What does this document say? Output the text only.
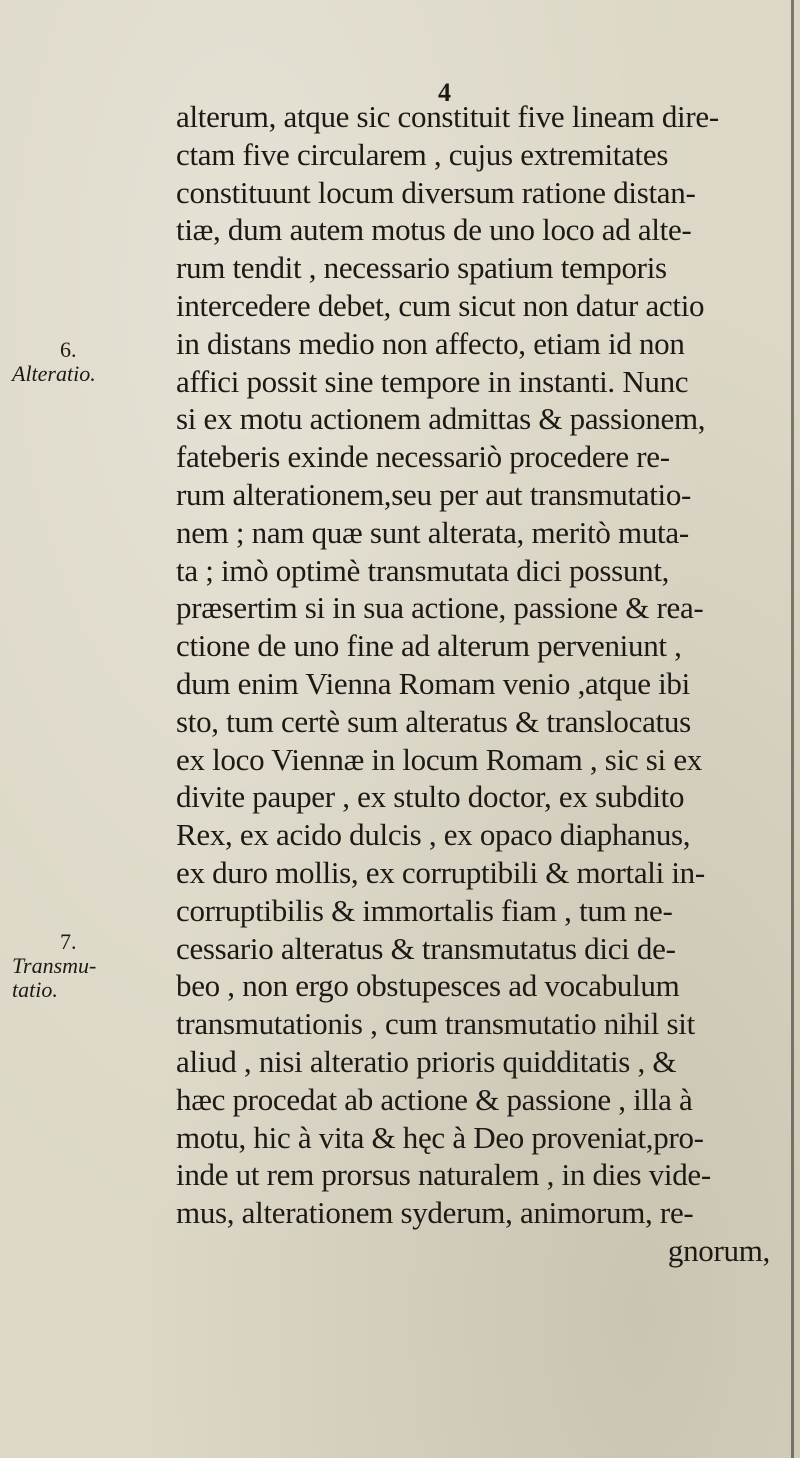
4
6.
Alteratio.
7.
Transmu-
tatio.
alterum, atque sic constituit five lineam dire-
ctam five circularem , cujus extremitates
constituunt locum diversum ratione distan-
tiæ, dum autem motus de uno loco ad alte-
rum tendit , necessario spatium temporis
intercedere debet, cum sicut non datur actio
in distans medio non affecto, etiam id non
affici possit sine tempore in instanti. Nunc
si ex motu actionem admittas & passionem,
fateberis exinde necessariò procedere re-
rum alterationem,seu per aut transmutatio-
nem ; nam quæ sunt alterata, meritò muta-
ta ; imò optimè transmutata dici possunt,
præsertim si in sua actione, passione & rea-
ctione de uno fine ad alterum perveniunt ,
dum enim Vienna Romam venio ,atque ibi
sto, tum certè sum alteratus & translocatus
ex loco Viennæ in locum Romam , sic si ex
divite pauper , ex stulto doctor, ex subdito
Rex, ex acido dulcis , ex opaco diaphanus,
ex duro mollis, ex corruptibili & mortali in-
corruptibilis & immortalis fiam , tum ne-
cessario alteratus & transmutatus dici de-
beo , non ergo obstupesces ad vocabulum
transmutationis , cum transmutatio nihil sit
aliud , nisi alteratio prioris quidditatis , &
hæc procedat ab actione & passione , illa à
motu, hic à vita & hęc à Deo proveniat,pro-
inde ut rem prorsus naturalem , in dies vide-
mus, alterationem syderum, animorum, re-
gnorum,
